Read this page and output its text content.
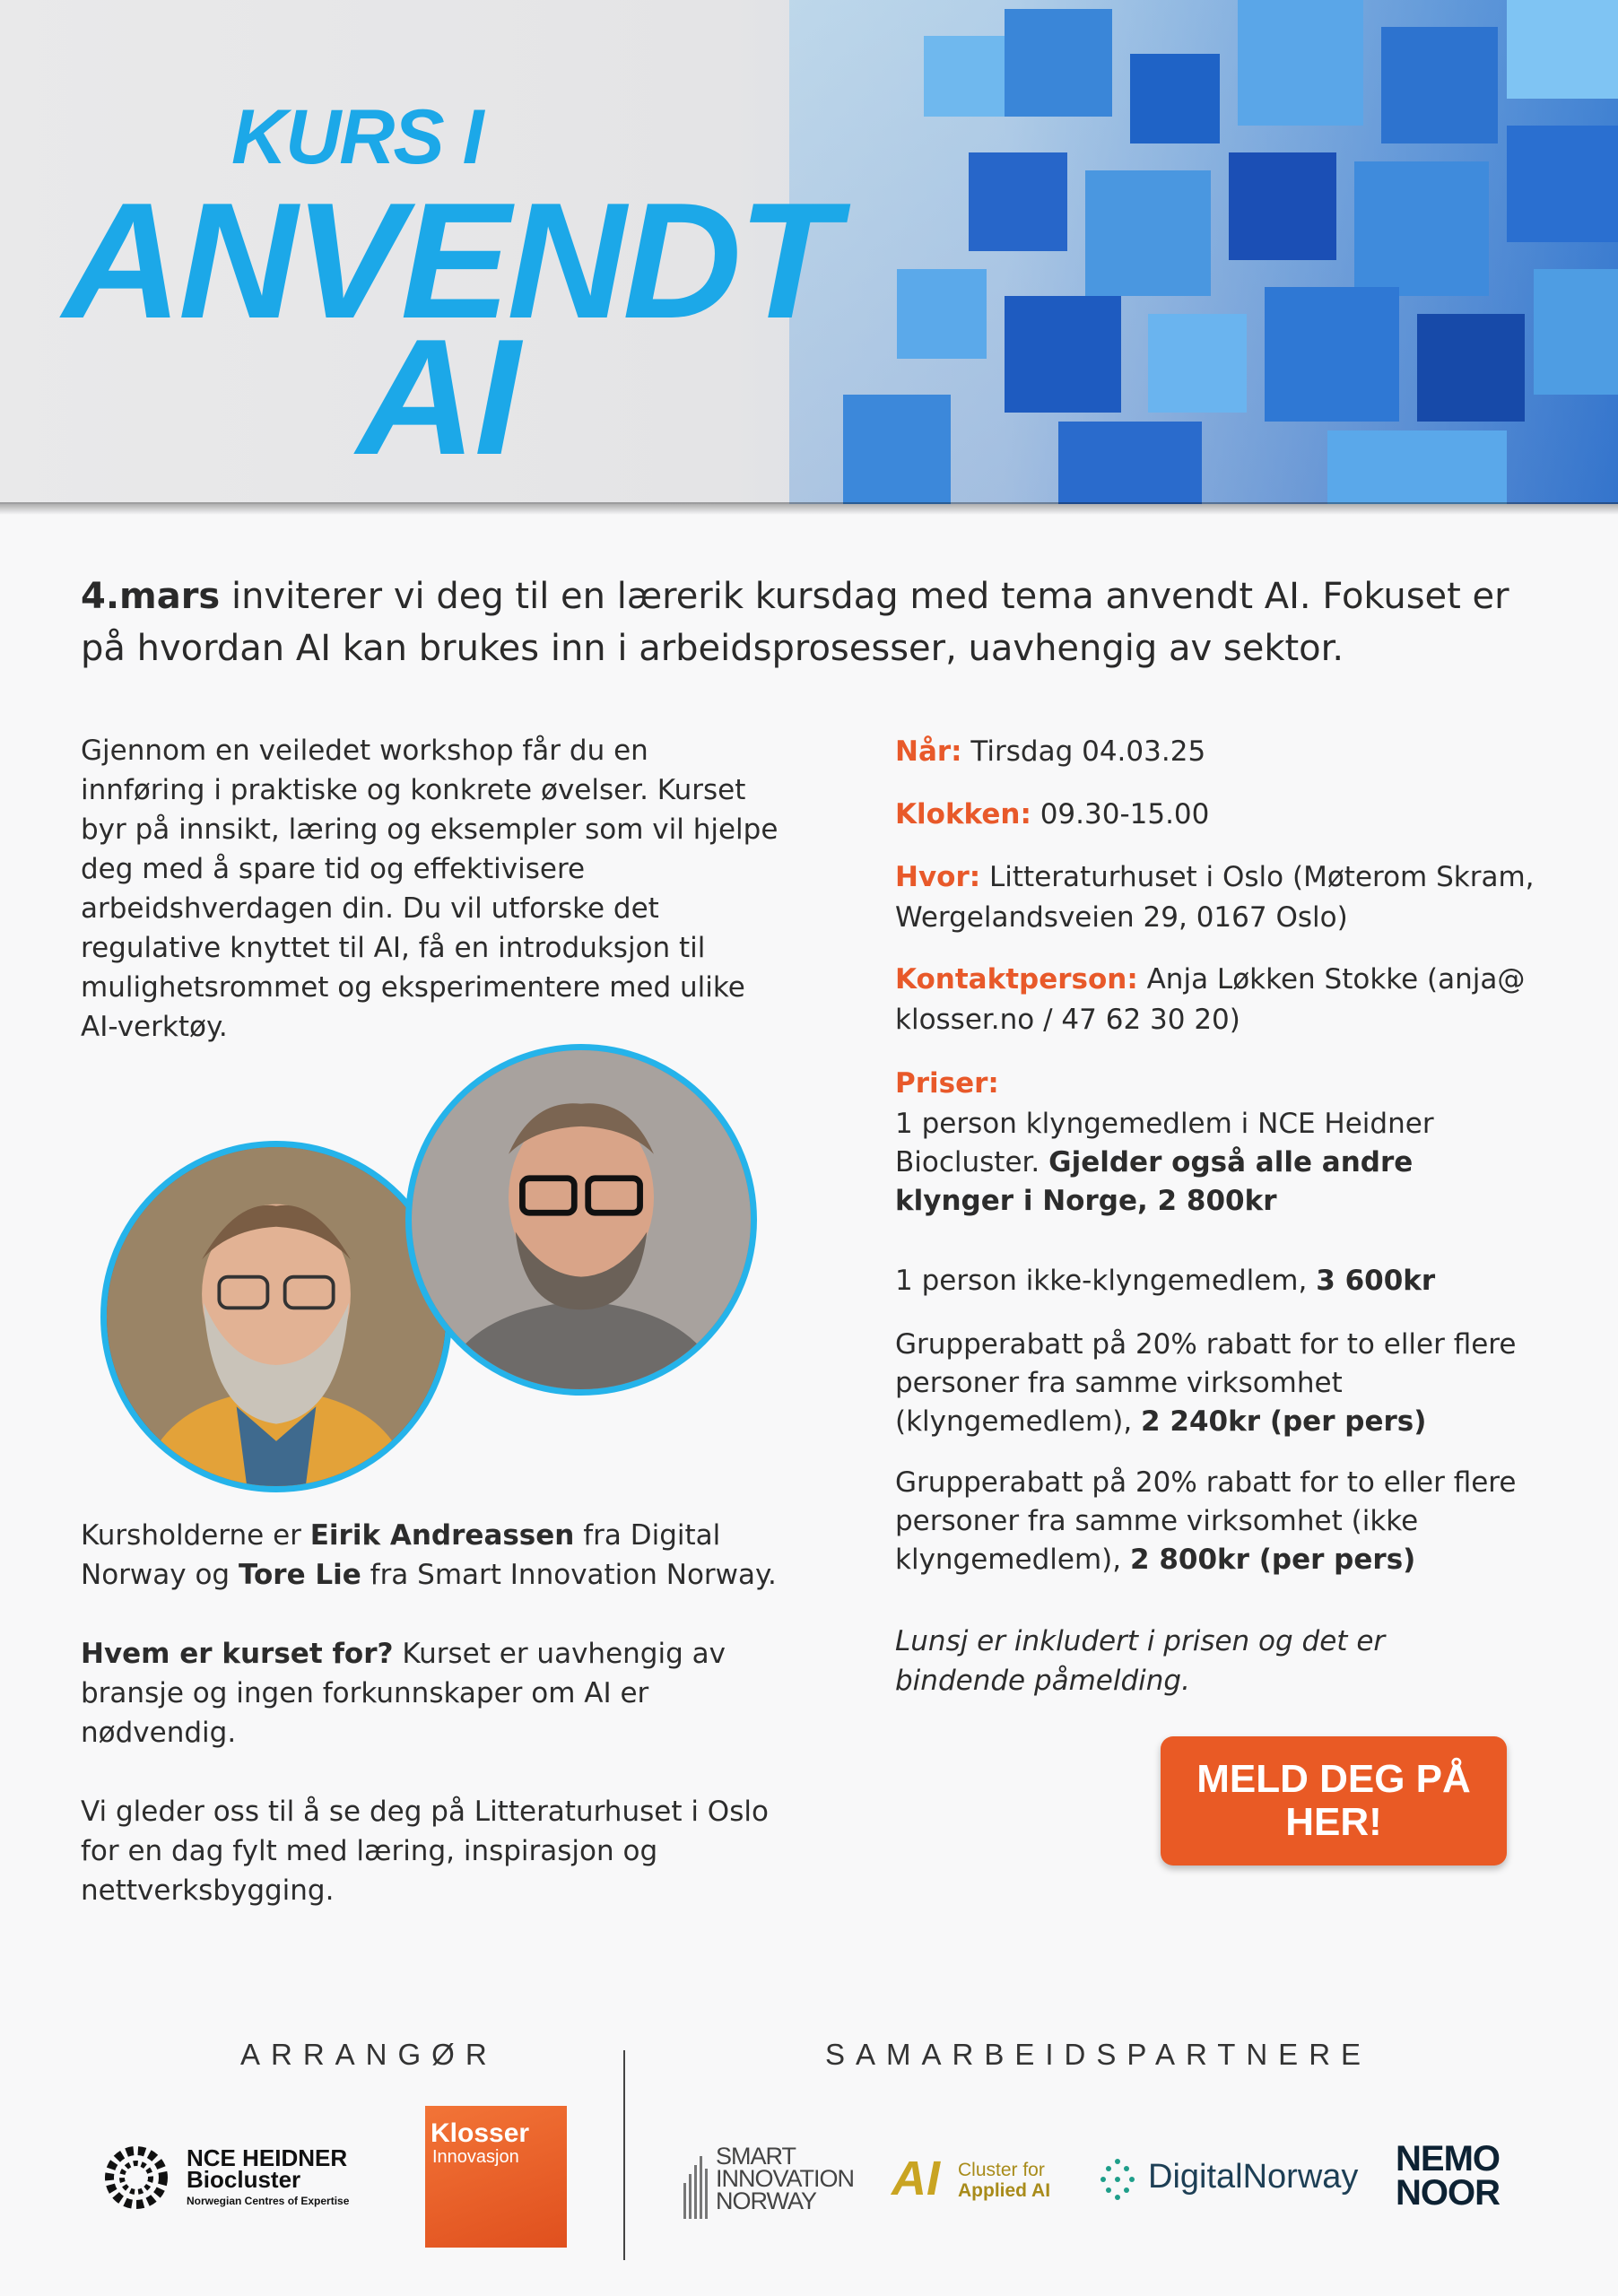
KURS I
ANVENDT
AI
4.mars inviterer vi deg til en lærerik kursdag med tema anvendt AI. Fokuset er på hvordan AI kan brukes inn i arbeidsprosesser, uavhengig av sektor.
Gjennom en veiledet workshop får du en innføring i praktiske og konkrete øvelser. Kurset byr på innsikt, læring og eksempler som vil hjelpe deg med å spare tid og effektivisere arbeidshverdagen din. Du vil utforske det regulative knyttet til AI, få en introduksjon til mulighetsrommet og eksperimentere med ulike AI-verktøy.
Kursholderne er Eirik Andreassen fra Digital Norway og Tore Lie fra Smart Innovation Norway.
Hvem er kurset for? Kurset er uavhengig av bransje og ingen forkunnskaper om AI er nødvendig.
Vi gleder oss til å se deg på Litteraturhuset i Oslo for en dag fylt med læring, inspirasjon og nettverksbygging.
Når: Tirsdag 04.03.25
Klokken: 09.30-15.00
Hvor: Litteraturhuset i Oslo (Møterom Skram, Wergelandsveien 29, 0167 Oslo)
Kontaktperson: Anja Løkken Stokke (anja@ klosser.no / 47 62 30 20)
Priser:
1 person klyngemedlem i NCE Heidner Biocluster. Gjelder også alle andre klynger i Norge, 2 800kr
1 person ikke-klyngemedlem, 3 600kr
Grupperabatt på 20% rabatt for to eller flere personer fra samme virksomhet (klyngemedlem), 2 240kr (per pers)
Grupperabatt på 20% rabatt for to eller flere personer fra samme virksomhet (ikke klyngemedlem), 2 800kr (per pers)
Lunsj er inkludert i prisen og det er bindende påmelding.
MELD DEG PÅ
HER!
ARRANGØR	SAMARBEIDSPARTNERE
NCE HEIDNER
Biocluster
Norwegian Centres of Expertise
Klosser
Innovasjon	SMART
INNOVATION
NORWAY	AI Cluster for
Applied AI	DigitalNorway NEMO
NOOR
